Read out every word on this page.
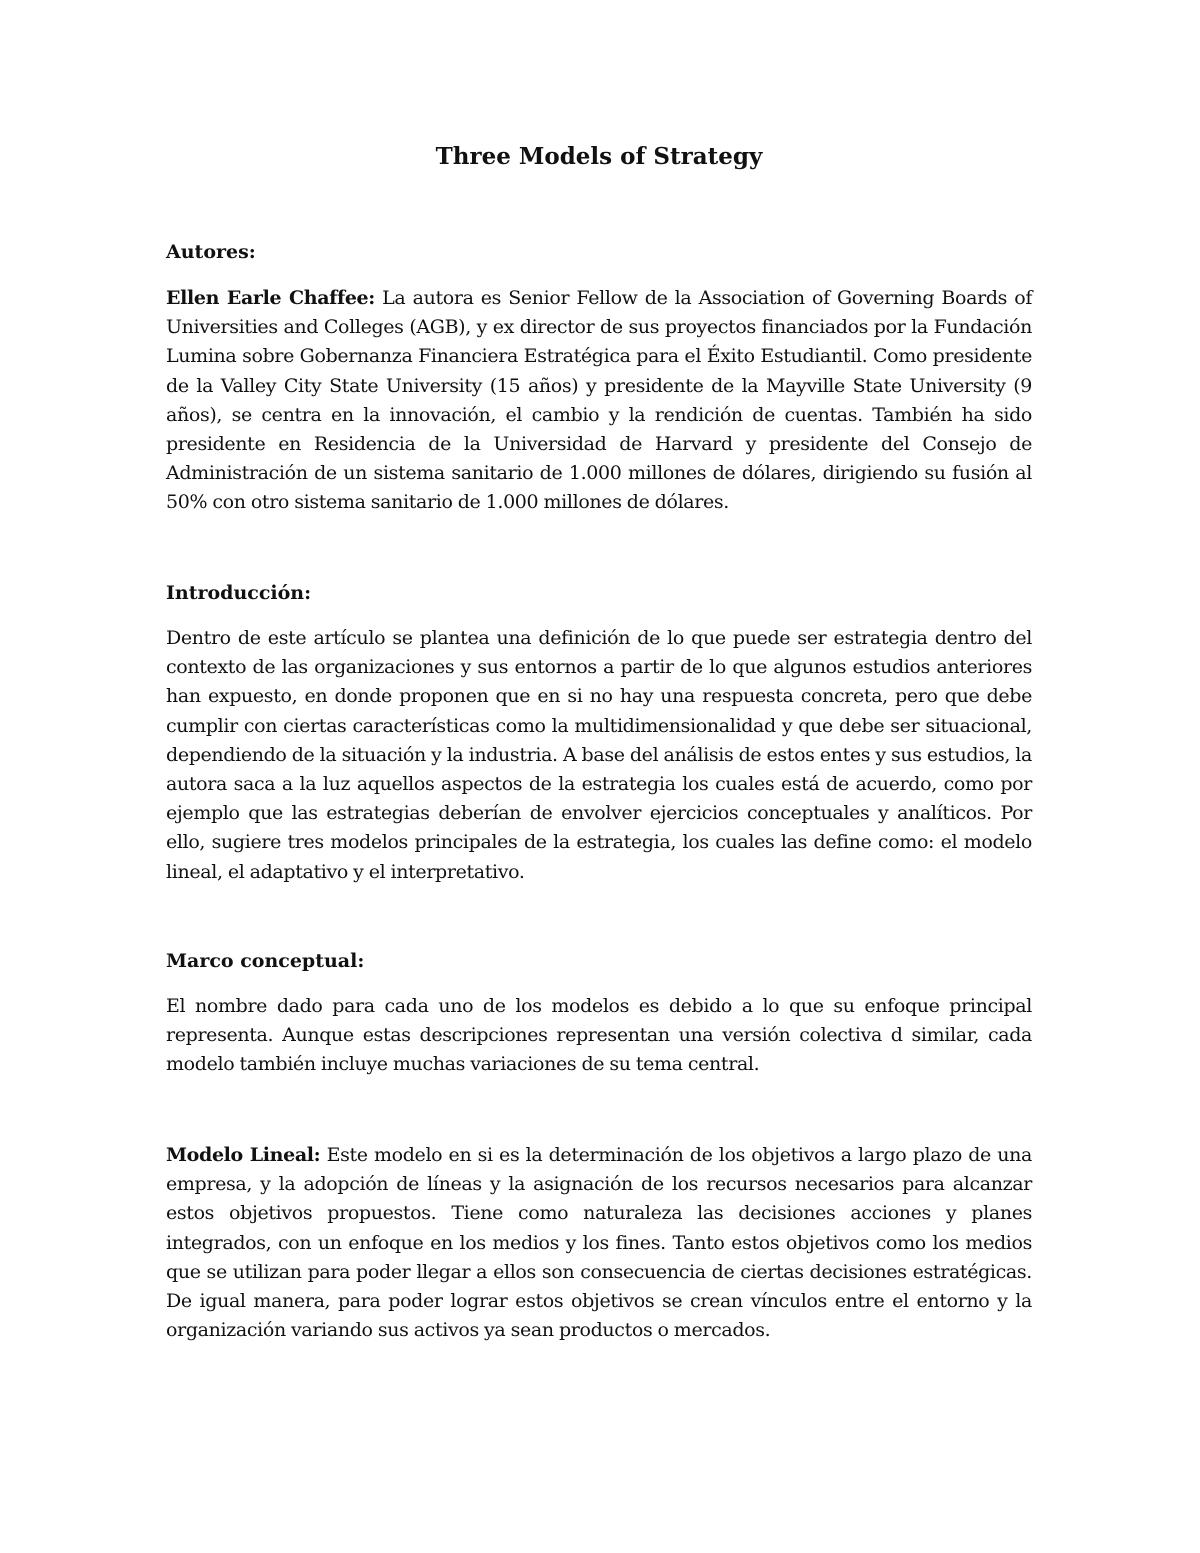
Three Models of Strategy
Autores:

Ellen Earle Chaffee: La autora es Senior Fellow de la Association of Governing Boards of Universities and Colleges (AGB), y ex director de sus proyectos financiados por la Fundación Lumina sobre Gobernanza Financiera Estratégica para el Éxito Estudiantil. Como presidente de la Valley City State University (15 años) y presidente de la Mayville State University (9 años), se centra en la innovación, el cambio y la rendición de cuentas. También ha sido presidente en Residencia de la Universidad de Harvard y presidente del Consejo de Administración de un sistema sanitario de 1.000 millones de dólares, dirigiendo su fusión al 50% con otro sistema sanitario de 1.000 millones de dólares.

Introducción:

Dentro de este artículo se plantea una definición de lo que puede ser estrategia dentro del contexto de las organizaciones y sus entornos a partir de lo que algunos estudios anteriores han expuesto, en donde proponen que en si no hay una respuesta concreta, pero que debe cumplir con ciertas características como la multidimensionalidad y que debe ser situacional, dependiendo de la situación y la industria. A base del análisis de estos entes y sus estudios, la autora saca a la luz aquellos aspectos de la estrategia los cuales está de acuerdo, como por ejemplo que las estrategias deberían de envolver ejercicios conceptuales y analíticos. Por ello, sugiere tres modelos principales de la estrategia, los cuales las define como: el modelo lineal, el adaptativo y el interpretativo.

Marco conceptual:

El nombre dado para cada uno de los modelos es debido a lo que su enfoque principal representa. Aunque estas descripciones representan una versión colectiva d similar, cada modelo también incluye muchas variaciones de su tema central.

Modelo Lineal: Este modelo en si es la determinación de los objetivos a largo plazo de una empresa, y la adopción de líneas y la asignación de los recursos necesarios para alcanzar estos objetivos propuestos. Tiene como naturaleza las decisiones acciones y planes integrados, con un enfoque en los medios y los fines. Tanto estos objetivos como los medios que se utilizan para poder llegar a ellos son consecuencia de ciertas decisiones estratégicas. De igual manera, para poder lograr estos objetivos se crean vínculos entre el entorno y la organización variando sus activos ya sean productos o mercados.
